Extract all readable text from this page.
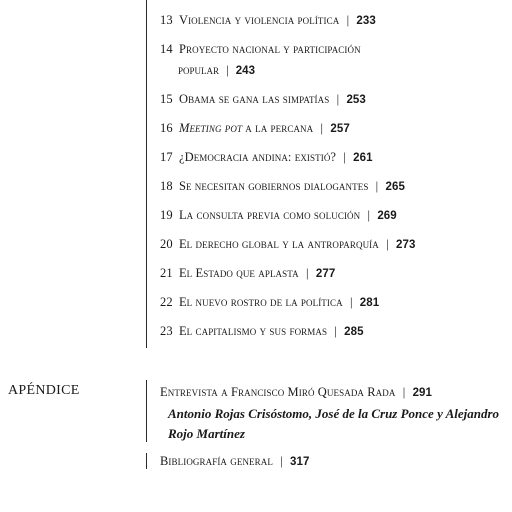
13 Violencia y violencia política | 233
14 Proyecto nacional y participación
popular | 243
15 Obama se gana las simpatías | 253
16 Meeting pot a la percana | 257
17 ¿Democracia andina: existió? | 261
18 Se necesitan gobiernos dialogantes | 265
19 La consulta previa como solución | 269
20 El derecho global y la antroparquía | 273
21 El Estado que aplasta | 277
22 El nuevo rostro de la política | 281
23 El capitalismo y sus formas | 285
APÉNDICE	Entrevista a Francisco Miró Quesada Rada | 291
Antonio Rojas Crisóstomo, José de la Cruz Ponce y Alejandro
Rojo Martínez
Bibliografía general | 317
